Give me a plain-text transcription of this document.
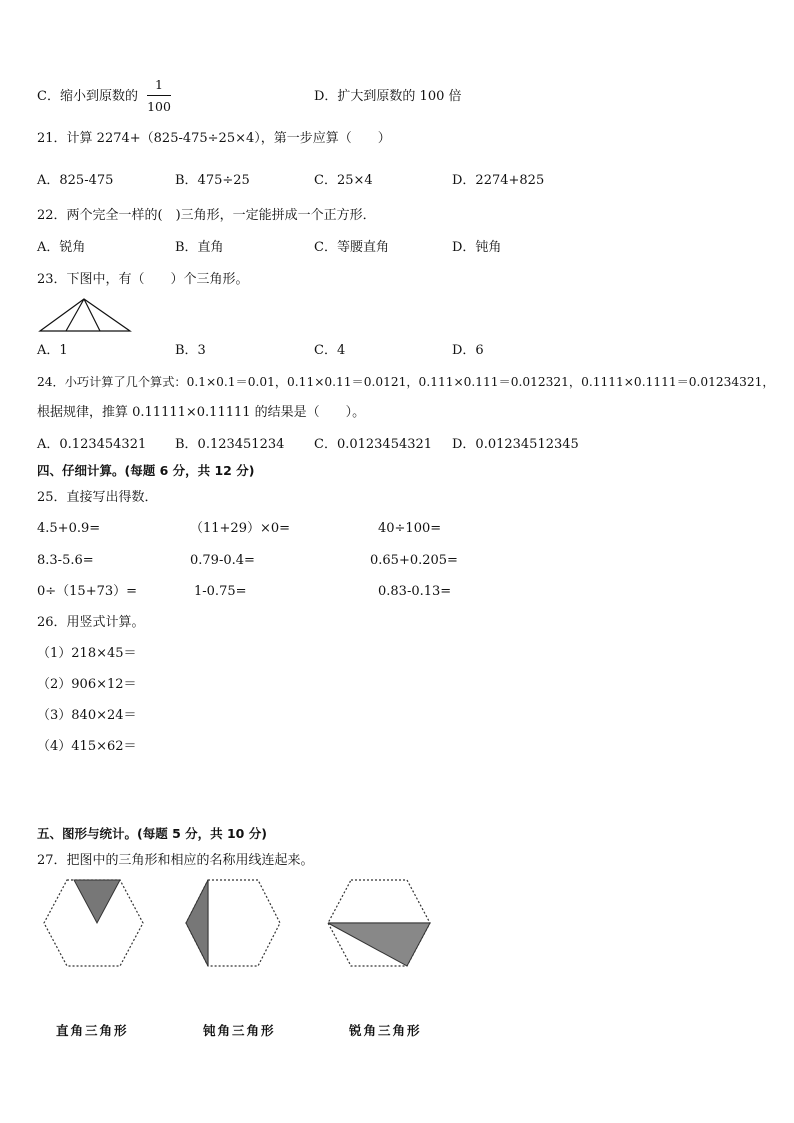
C．缩小到原数的
1
100
D．扩大到原数的 100 倍
21．计算 2274+（825-475÷25×4），第一步应算（　　）
A．825-475	B．475÷25	C．25×4	D．2274+825
22．两个完全一样的(　)三角形，一定能拼成一个正方形．
A．锐角	B．直角	C．等腰直角	D．钝角
23．下图中，有（　　）个三角形。
A．1	B．3	C．4	D．6
24．小巧计算了几个算式：0.1×0.1＝0.01，0.11×0.11＝0.0121，0.111×0.111＝0.012321，0.1111×0.1111＝0.01234321，
根据规律，推算 0.11111×0.11111 的结果是（　　）。
A．0.123454321 B．0.123451234 C．0.0123454321 D．0.01234512345
四、仔细计算。(每题 6 分，共 12 分)
25．直接写出得数．
4.5+0.9=	（11+29）×0=	40÷100=
8.3-5.6=	0.79-0.4=	0.65+0.205=
0÷（15+73）=	1-0.75=	0.83-0.13=
26．用竖式计算。
（1）218×45＝
（2）906×12＝
（3）840×24＝
（4）415×62＝
五、图形与统计。(每题 5 分，共 10 分)
27．把图中的三角形和相应的名称用线连起来。
直角三角形	钝角三角形	锐角三角形
